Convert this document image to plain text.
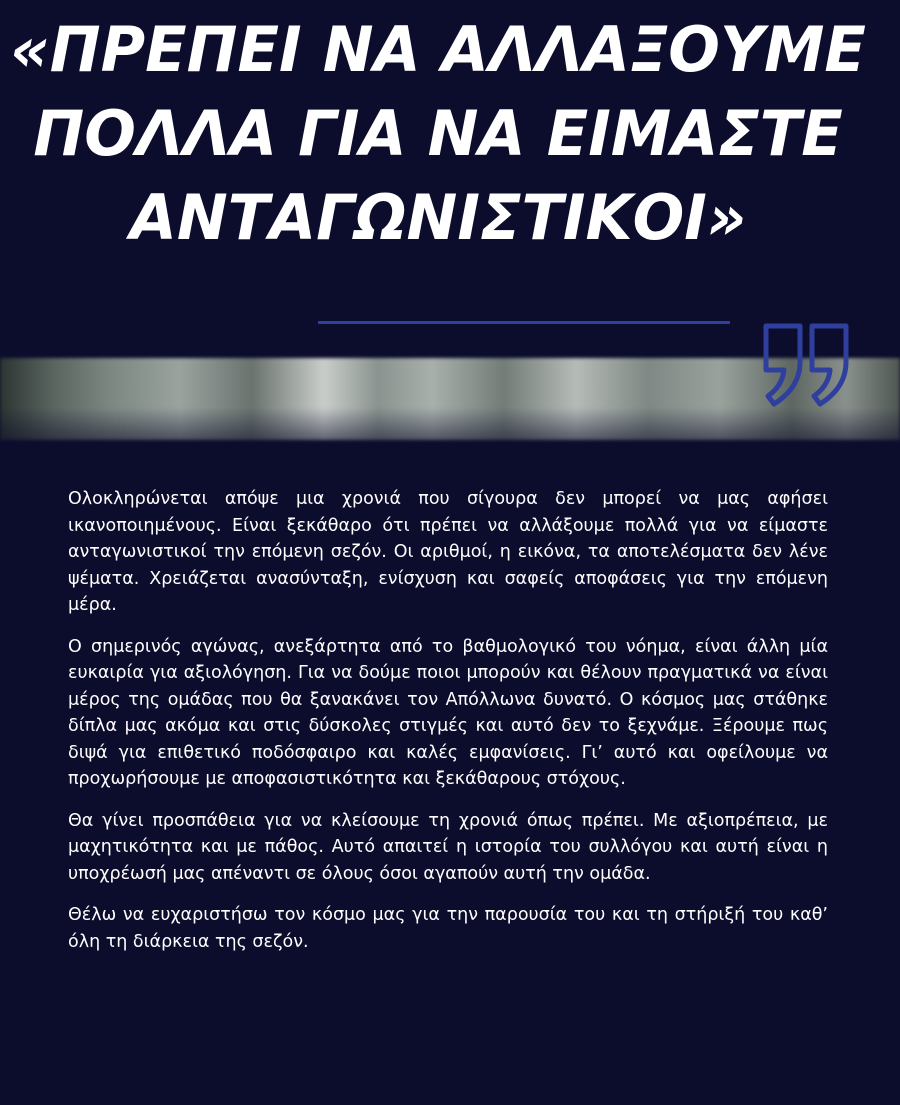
«ΠΡΕΠΕΙ ΝΑ ΑΛΛΑΞΟΥΜΕ
ΠΟΛΛΑ ΓΙΑ ΝΑ ΕΙΜΑΣΤΕ
ΑΝΤΑΓΩΝΙΣΤΙΚΟΙ»

Ολοκληρώνεται απόψε μια χρονιά που σίγουρα δεν μπορεί να μας αφήσει ικανοποιημένους. Είναι ξεκάθαρο ότι πρέπει να αλλάξουμε πολλά για να είμαστε ανταγωνιστικοί την επόμενη σεζόν. Οι αριθμοί, η εικόνα, τα αποτελέσματα δεν λένε ψέματα. Χρειάζεται ανασύνταξη, ενίσχυση και σαφείς αποφάσεις για την επόμενη μέρα.

Ο σημερινός αγώνας, ανεξάρτητα από το βαθμολογικό του νόημα, είναι άλλη μία ευκαιρία για αξιολόγηση. Για να δούμε ποιοι μπορούν και θέλουν πραγματικά να είναι μέρος της ομάδας που θα ξανακάνει τον Απόλλωνα δυνατό. Ο κόσμος μας στάθηκε δίπλα μας ακόμα και στις δύσκολες στιγμές και αυτό δεν το ξεχνάμε. Ξέρουμε πως διψά για επιθετικό ποδόσφαιρο και καλές εμφανίσεις. Γι’ αυτό και οφείλουμε να προχωρήσουμε με αποφασιστικότητα και ξεκάθαρους στόχους.

Θα γίνει προσπάθεια για να κλείσουμε τη χρονιά όπως πρέπει. Με αξιοπρέπεια, με μαχητικότητα και με πάθος. Αυτό απαιτεί η ιστορία του συλλόγου και αυτή είναι η υποχρέωσή μας απέναντι σε όλους όσοι αγαπούν αυτή την ομάδα.

Θέλω να ευχαριστήσω τον κόσμο μας για την παρουσία του και τη στήριξή του καθ’ όλη τη διάρκεια της σεζόν.
